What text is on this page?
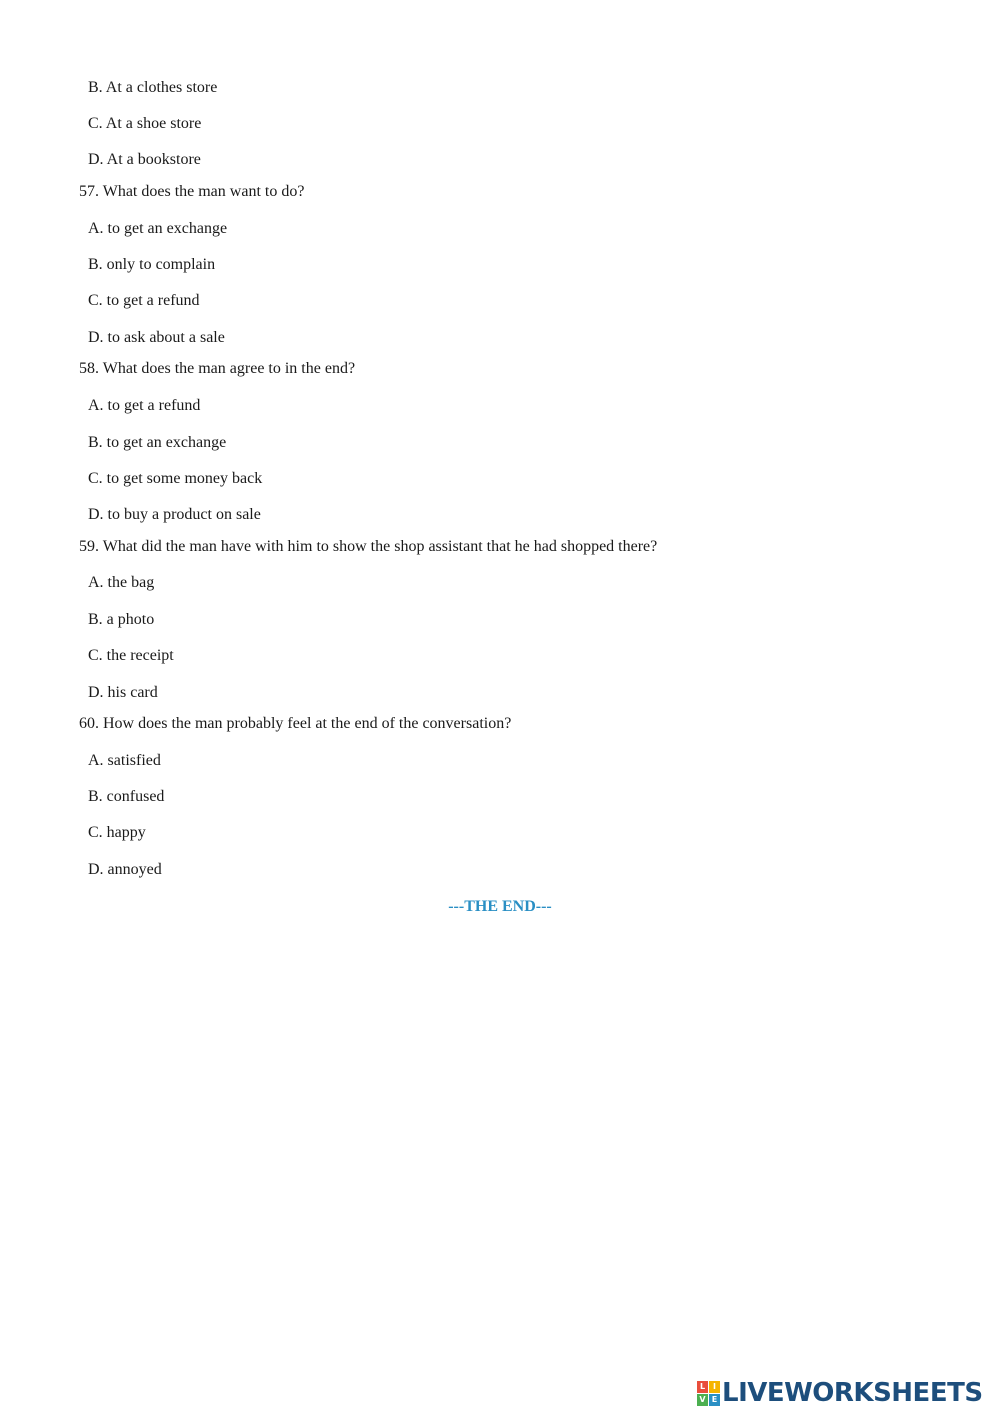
B. At a clothes store
C. At a shoe store
D. At a bookstore
57. What does the man want to do?
A. to get an exchange
B. only to complain
C. to get a refund
D. to ask about a sale
58. What does the man agree to in the end?
A. to get a refund
B. to get an exchange
C. to get some money back
D. to buy a product on sale
59. What did the man have with him to show the shop assistant that he had shopped there?
A. the bag
B. a photo
C. the receipt
D. his card
60. How does the man probably feel at the end of the conversation?
A. satisfied
B. confused
C. happy
D. annoyed
---THE END---
L I
V E LIVEWORKSHEETS
